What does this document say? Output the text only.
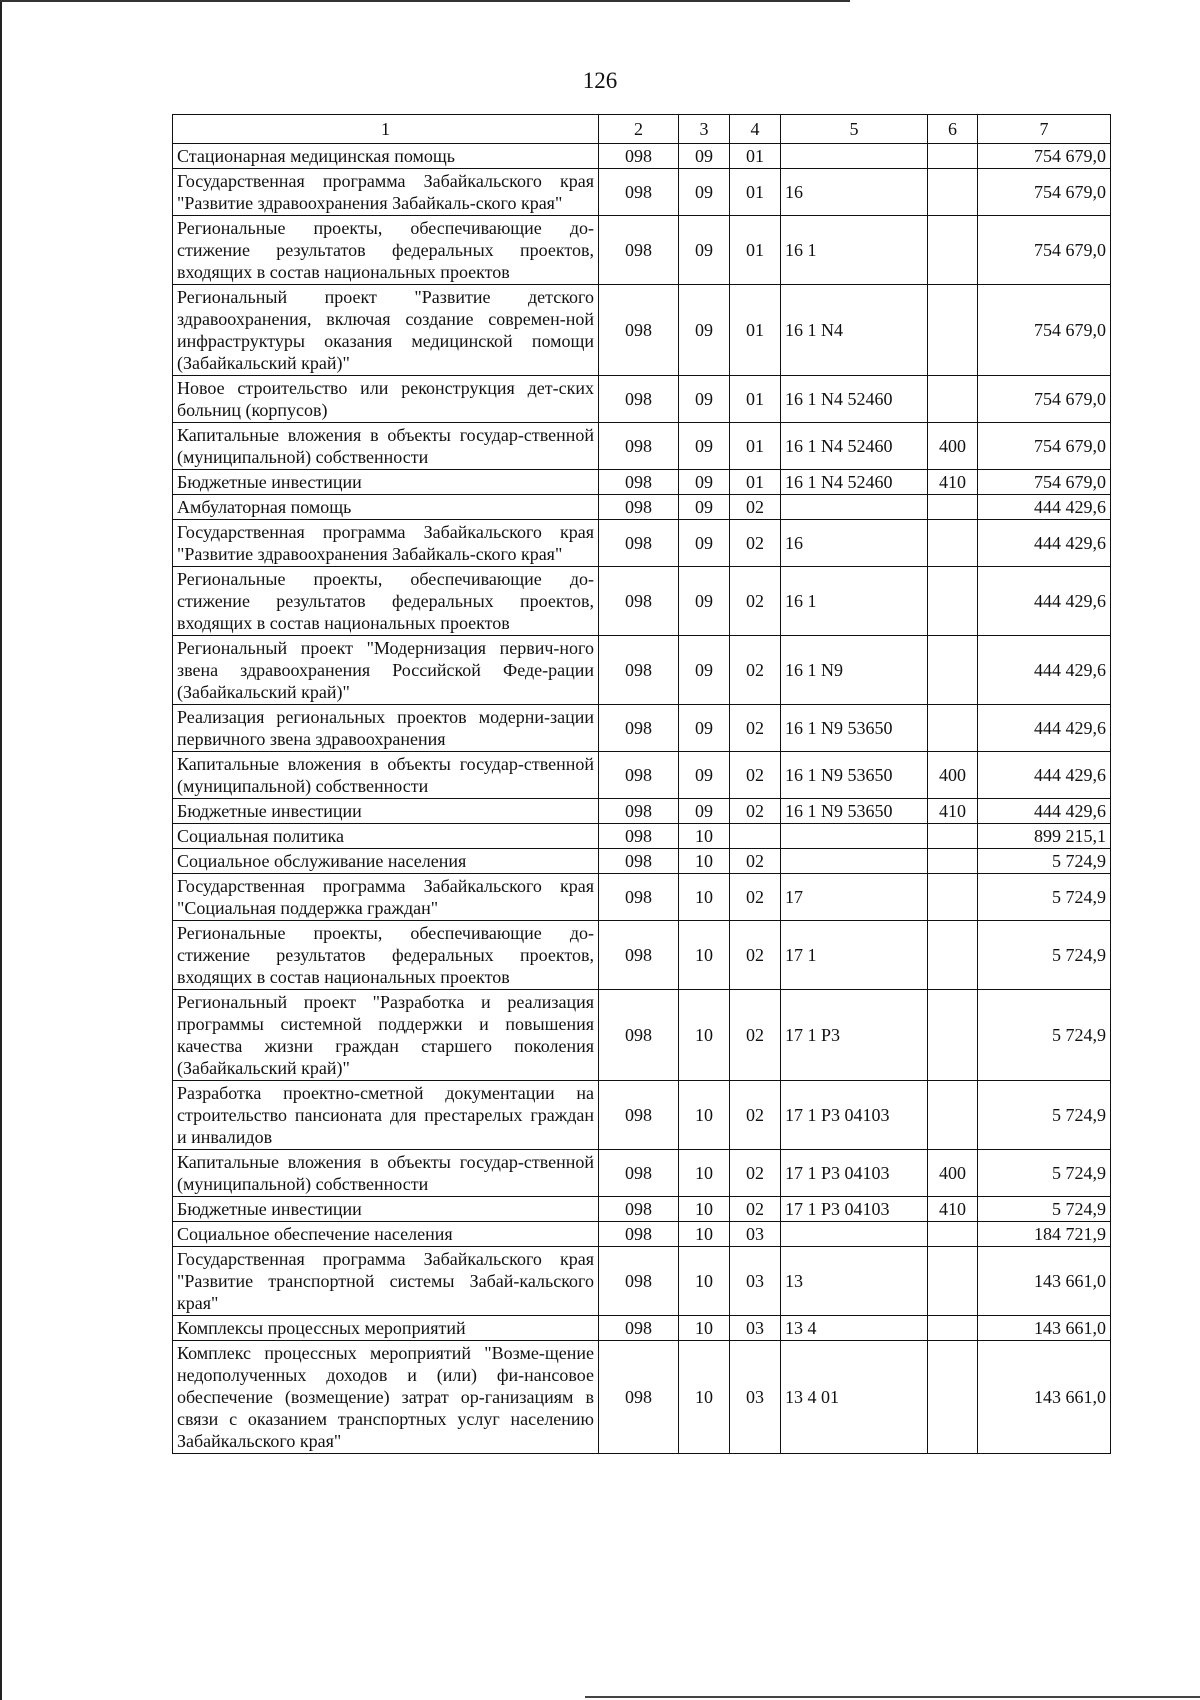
126
1	2	3	4	5	6	7
Стационарная медицинская помощь	098	09	01			754 679,0
Государственная программа Забайкальского края "Развитие здравоохранения Забайкаль-ского края"	098	09	01	16		754 679,0
Региональные проекты, обеспечивающие до-стижение результатов федеральных проектов, входящих в состав национальных проектов	098	09	01	16 1		754 679,0
Региональный проект "Развитие детского здравоохранения, включая создание современ-ной инфраструктуры оказания медицинской помощи (Забайкальский край)"	098	09	01	16 1 N4		754 679,0
Новое строительство или реконструкция дет-ских больниц (корпусов)	098	09	01	16 1 N4 52460		754 679,0
Капитальные вложения в объекты государ-ственной (муниципальной) собственности	098	09	01	16 1 N4 52460	400	754 679,0
Бюджетные инвестиции	098	09	01	16 1 N4 52460	410	754 679,0
Амбулаторная помощь	098	09	02			444 429,6
Государственная программа Забайкальского края "Развитие здравоохранения Забайкаль-ского края"	098	09	02	16		444 429,6
Региональные проекты, обеспечивающие до-стижение результатов федеральных проектов, входящих в состав национальных проектов	098	09	02	16 1		444 429,6
Региональный проект "Модернизация первич-ного звена здравоохранения Российской Феде-рации (Забайкальский край)"	098	09	02	16 1 N9		444 429,6
Реализация региональных проектов модерни-зации первичного звена здравоохранения	098	09	02	16 1 N9 53650		444 429,6
Капитальные вложения в объекты государ-ственной (муниципальной) собственности	098	09	02	16 1 N9 53650	400	444 429,6
Бюджетные инвестиции	098	09	02	16 1 N9 53650	410	444 429,6
Социальная политика	098	10				899 215,1
Социальное обслуживание населения	098	10	02			5 724,9
Государственная программа Забайкальского края "Социальная поддержка граждан"	098	10	02	17		5 724,9
Региональные проекты, обеспечивающие до-стижение результатов федеральных проектов, входящих в состав национальных проектов	098	10	02	17 1		5 724,9
Региональный проект "Разработка и реализация программы системной поддержки и повышения качества жизни граждан старшего поколения (Забайкальский край)"	098	10	02	17 1 P3		5 724,9
Разработка проектно-сметной документации на строительство пансионата для престарелых граждан и инвалидов	098	10	02	17 1 P3 04103		5 724,9
Капитальные вложения в объекты государ-ственной (муниципальной) собственности	098	10	02	17 1 P3 04103	400	5 724,9
Бюджетные инвестиции	098	10	02	17 1 P3 04103	410	5 724,9
Социальное обеспечение населения	098	10	03			184 721,9
Государственная программа Забайкальского края "Развитие транспортной системы Забай-кальского края"	098	10	03	13		143 661,0
Комплексы процессных мероприятий	098	10	03	13 4		143 661,0
Комплекс процессных мероприятий "Возме-щение недополученных доходов и (или) фи-нансовое обеспечение (возмещение) затрат ор-ганизациям в связи с оказанием транспортных услуг населению Забайкальского края"	098	10	03	13 4 01		143 661,0
